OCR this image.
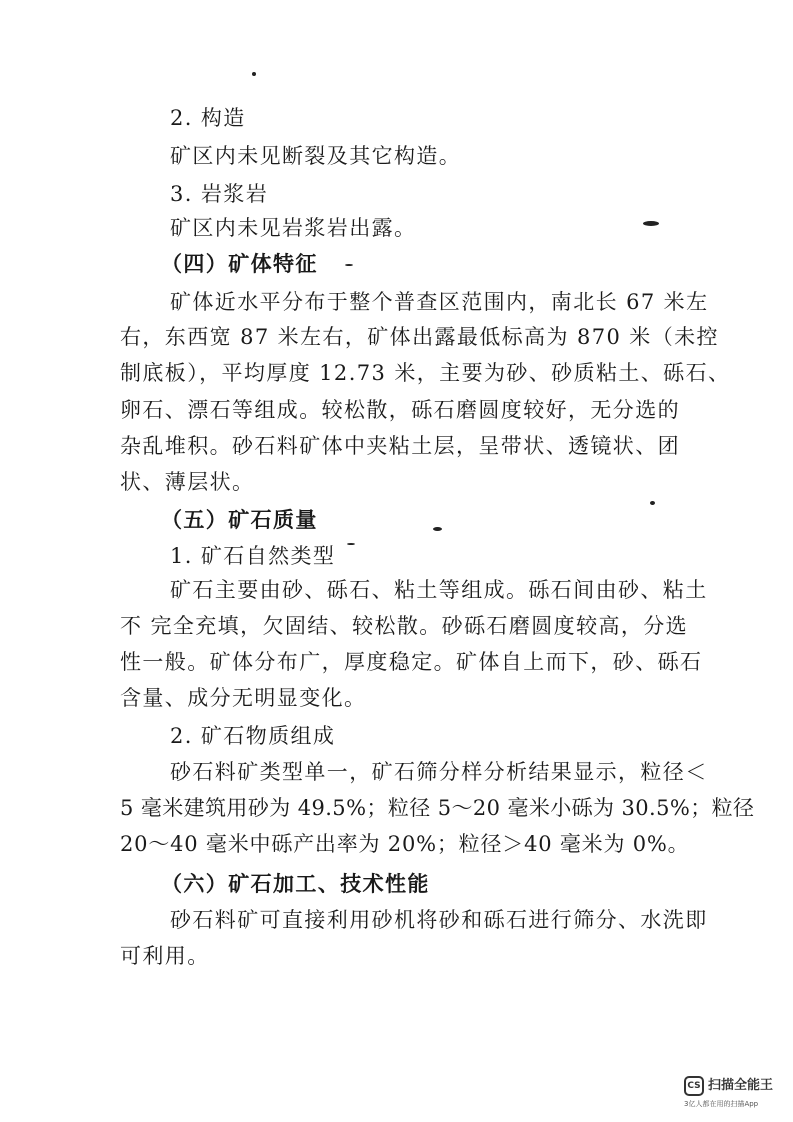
2. 构造
矿区内未见断裂及其它构造。
3. 岩浆岩
矿区内未见岩浆岩出露。
（四）矿体特征
矿体近水平分布于整个普查区范围内，南北长 67 米左
右，东西宽 87 米左右，矿体出露最低标高为 870 米（未控
制底板），平均厚度 12.73 米，主要为砂、砂质粘土、砾石、
卵石、漂石等组成。较松散，砾石磨圆度较好，无分选的
杂乱堆积。砂石料矿体中夹粘土层，呈带状、透镜状、团
状、薄层状。
（五）矿石质量
1. 矿石自然类型
矿石主要由砂、砾石、粘土等组成。砾石间由砂、粘土
不 完全充填，欠固结、较松散。砂砾石磨圆度较高，分选
性一般。矿体分布广，厚度稳定。矿体自上而下，砂、砾石
含量、成分无明显变化。
2. 矿石物质组成
砂石料矿类型单一，矿石筛分样分析结果显示，粒径＜
5 毫米建筑用砂为 49.5%；粒径 5～20 毫米小砾为 30.5%；粒径
20～40 毫米中砾产出率为 20%；粒径＞40 毫米为 0%。
（六）矿石加工、技术性能
砂石料矿可直接利用砂机将砂和砾石进行筛分、水洗即
可利用。
CS 扫描全能王
3亿人都在用的扫描App
